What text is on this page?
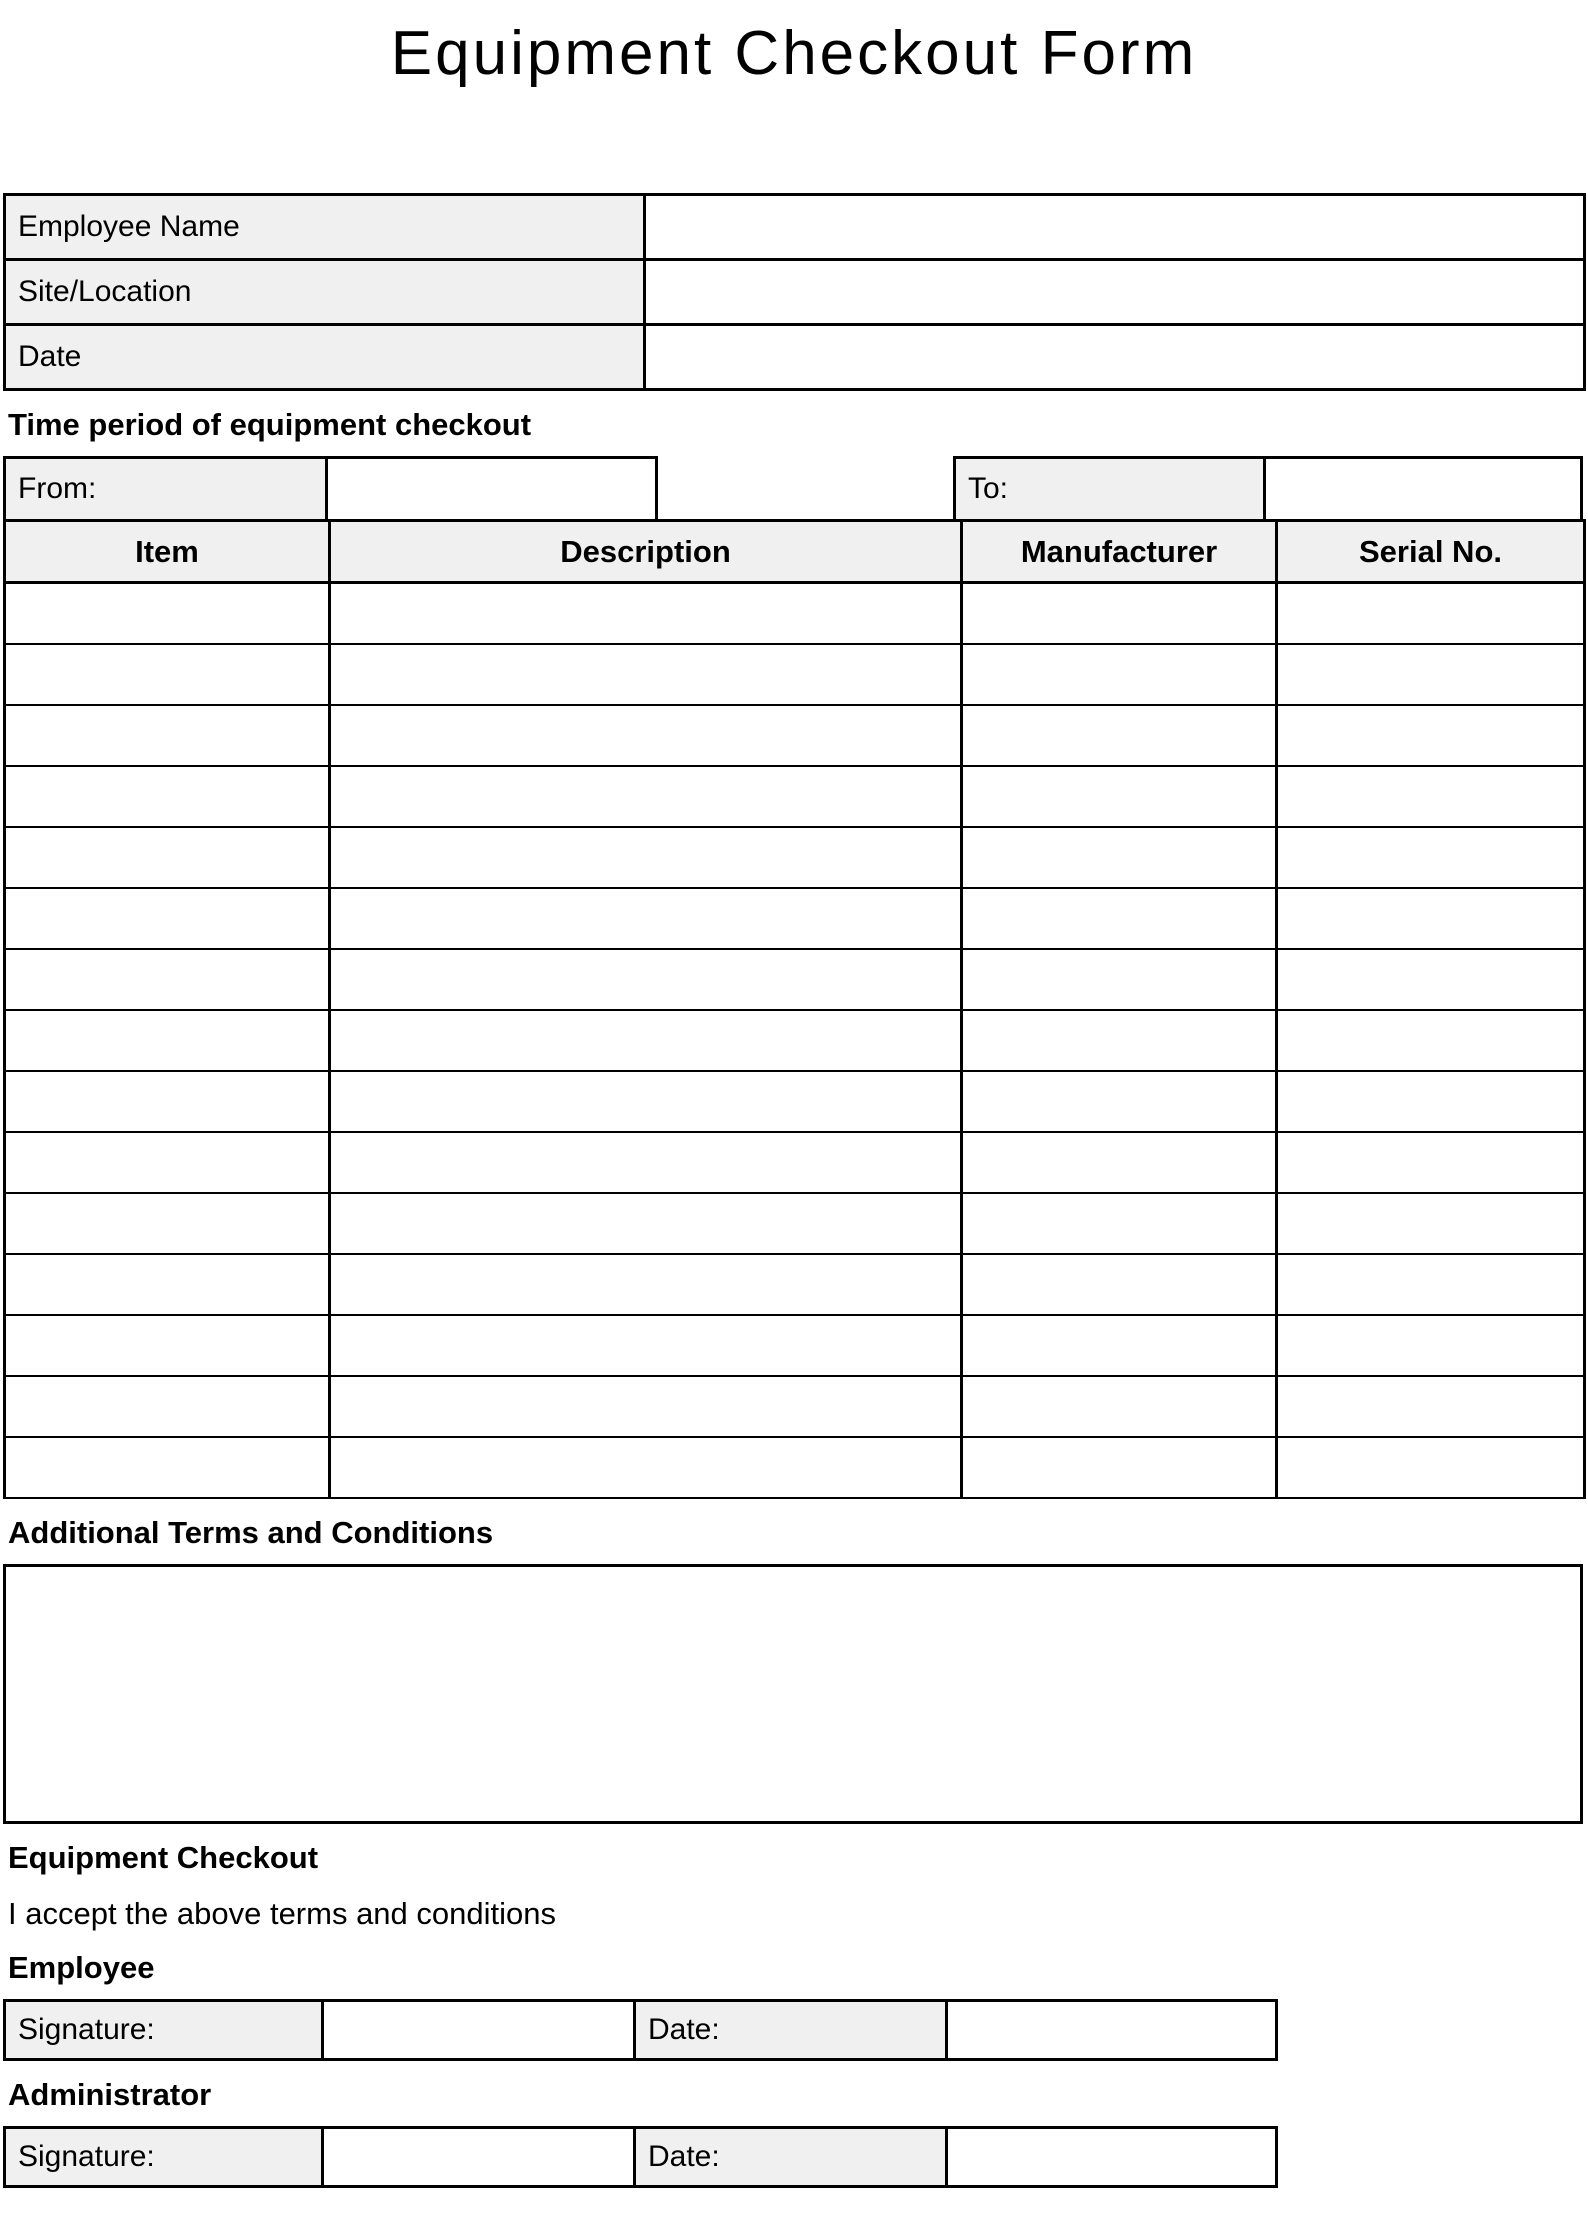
Equipment Checkout Form
Employee Name	
Site/Location	
Date	
Time period of equipment checkout
From:	To:
Item	Description	Manufacturer	Serial No.

Additional Terms and Conditions
Equipment Checkout
I accept the above terms and conditions
Employee
Signature:		Date:	
Administrator
Signature:		Date:	
